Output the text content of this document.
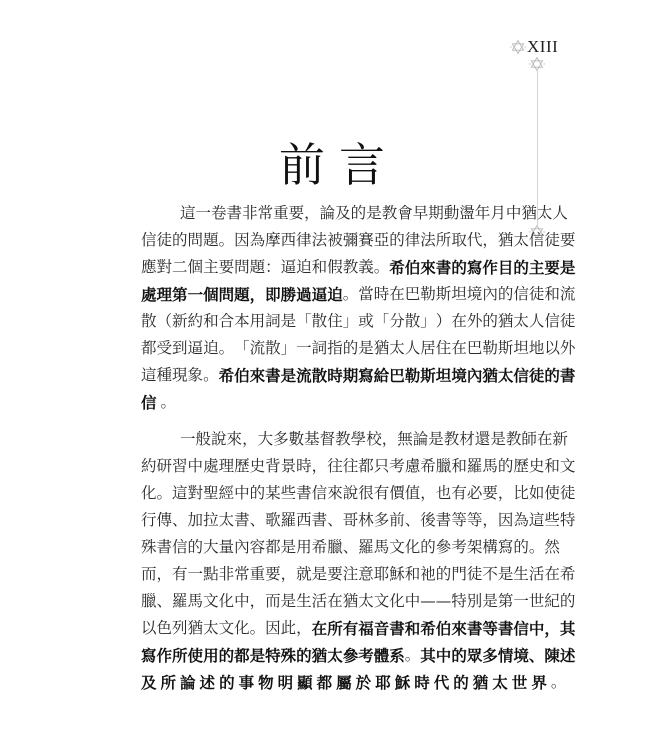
XIII
前言
這 一 卷 書 非 常 重 要 ， 論 及 的 是 教 會 早 期 動 盪 年 月 中 猶 太 人
信 徒 的 問 題 。 因 為 摩 西 律 法 被 彌 賽 亞 的 律 法 所 取 代 ， 猶 太 信 徒 要
應 對 二 個 主 要 問 題 ： 逼 迫 和 假 教 義 。 希 伯 來 書 的 寫 作 目 的 主 要 是
處 理 第 一 個 問 題 ， 即 勝 過 逼 迫 。 當 時 在 巴 勒 斯 坦 境 內 的 信 徒 和 流
散 （ 新 約 和 合 本 用 詞 是 「 散 住 」 或 「 分 散 」 ） 在 外 的 猶 太 人 信 徒
都 受 到 逼 迫 。 「 流 散 」 一 詞 指 的 是 猶 太 人 居 住 在 巴 勒 斯 坦 地 以 外
這 種 現 象 。 希 伯 來 書 是 流 散 時 期 寫 給 巴 勒 斯 坦 境 內 猶 太 信 徒 的 書
信 。
一 般 說 來 ， 大 多 數 基 督 教 學 校 ， 無 論 是 教 材 還 是 教 師 在 新
約 研 習 中 處 理 歷 史 背 景 時 ， 往 往 都 只 考 慮 希 臘 和 羅 馬 的 歷 史 和 文
化 。 這 對 聖 經 中 的 某 些 書 信 來 說 很 有 價 值 ， 也 有 必 要 ， 比 如 使 徒
行 傳 、 加 拉 太 書 、 歌 羅 西 書 、 哥 林 多 前 、 後 書 等 等 ， 因 為 這 些 特
殊 書 信 的 大 量 內 容 都 是 用 希 臘 、 羅 馬 文 化 的 參 考 架 構 寫 的 。 然
而 ， 有 一 點 非 常 重 要 ， 就 是 要 注 意 耶 穌 和 祂 的 門 徒 不 是 生 活 在 希
臘 、 羅 馬 文 化 中 ， 而 是 生 活 在 猶 太 文 化 中 — — 特 別 是 第 一 世 紀 的
以 色 列 猶 太 文 化 。 因 此 ， 在 所 有 福 音 書 和 希 伯 來 書 等 書 信 中 ， 其
寫 作 所 使 用 的 都 是 特 殊 的 猶 太 參 考 體 系 。 其 中 的 眾 多 情 境 、 陳 述
及 所 論 述 的 事 物 明 顯 都 屬 於 耶 穌 時 代 的 猶 太 世 界 。
